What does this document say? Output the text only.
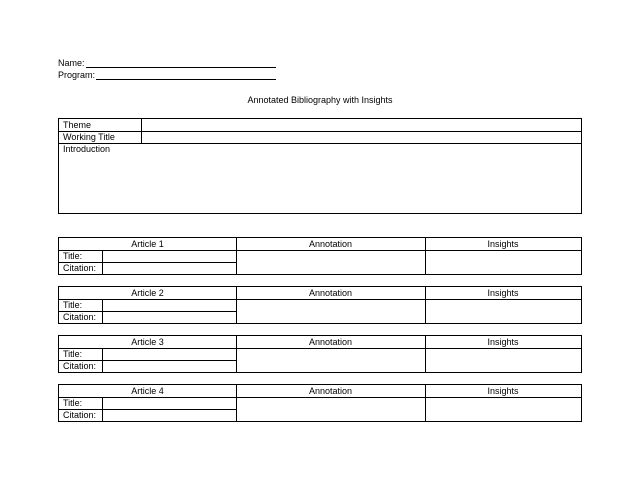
Name:
Program:
Annotated Bibliography with Insights
Theme
Working Title
Introduction
Article 1	Annotation	Insights
Title:
Citation:
Article 2	Annotation	Insights
Title:
Citation:
Article 3	Annotation	Insights
Title:
Citation:
Article 4	Annotation	Insights
Title:
Citation:
